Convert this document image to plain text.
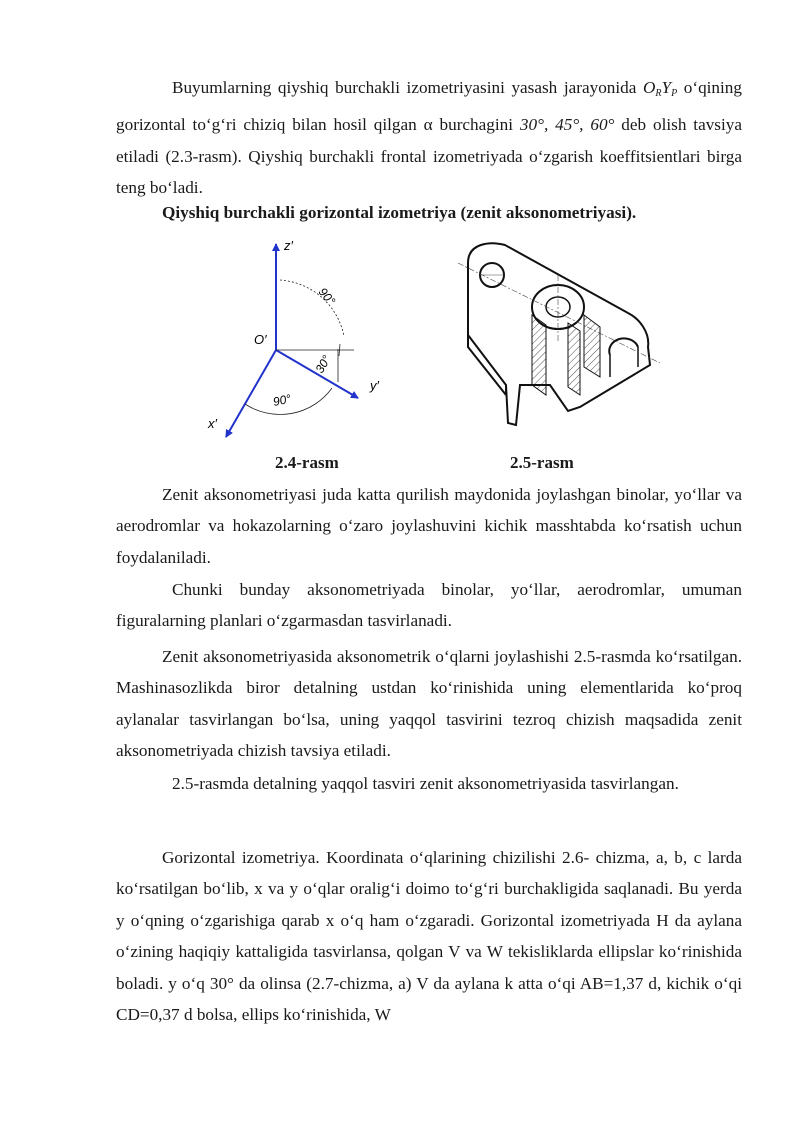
Buyumlarning qiyshiq burchakli izometriyasini yasash jarayonida $O_RY_P$ o‘qining gorizontal to‘g‘ri chiziq bilan hosil qilgan α burchagini 30°, 45°, 60° deb olish tavsiya etiladi (2.3-rasm). Qiyshiq burchakli frontal izometriyada o‘zgarish koeffitsientlari birga teng bo‘ladi.

Qiyshiq burchakli gorizontal izometriya (zenit aksonometriyasi).

z′
O′
x′
y′
90°
30°
90°
2.4-rasm	2.5-rasm

Zenit aksonometriyasi juda katta qurilish maydonida joylashgan binolar, yo‘llar va aerodromlar va hokazolarning o‘zaro joylashuvini kichik masshtabda ko‘rsatish uchun foydalaniladi.

Chunki bunday aksonometriyada binolar, yo‘llar, aerodromlar, umuman figuralarning planlari o‘zgarmasdan tasvirlanadi.

Zenit aksonometriyasida aksonometrik o‘qlarni joylashishi 2.5-rasmda ko‘rsatilgan. Mashinasozlikda biror detalning ustdan ko‘rinishida uning elementlarida ko‘proq aylanalar tasvirlangan bo‘lsa, uning yaqqol tasvirini tezroq chizish maqsadida zenit aksonometriyada chizish tavsiya etiladi.

2.5-rasmda detalning yaqqol tasviri zenit aksonometriyasida tasvirlangan.

Gorizontal izometriya. Koordinata o‘qlarining chizilishi 2.6- chizma, a, b, c larda ko‘rsatilgan bo‘lib, x va y o‘qlar oralig‘i doimo to‘g‘ri burchakligida saqlanadi. Bu yerda y o‘qning o‘zgarishiga qarab x o‘q ham o‘zgaradi. Gorizontal izometriyada H da aylana o‘zining haqiqiy kattaligida tasvirlansa, qolgan V va W tekisliklarda ellipslar ko‘rinishida boladi. y o‘q 30° da olinsa (2.7-chizma, a) V da aylana k atta o‘qi AB=1,37 d, kichik o‘qi CD=0,37 d bolsa, ellips ko‘rinishida, W
